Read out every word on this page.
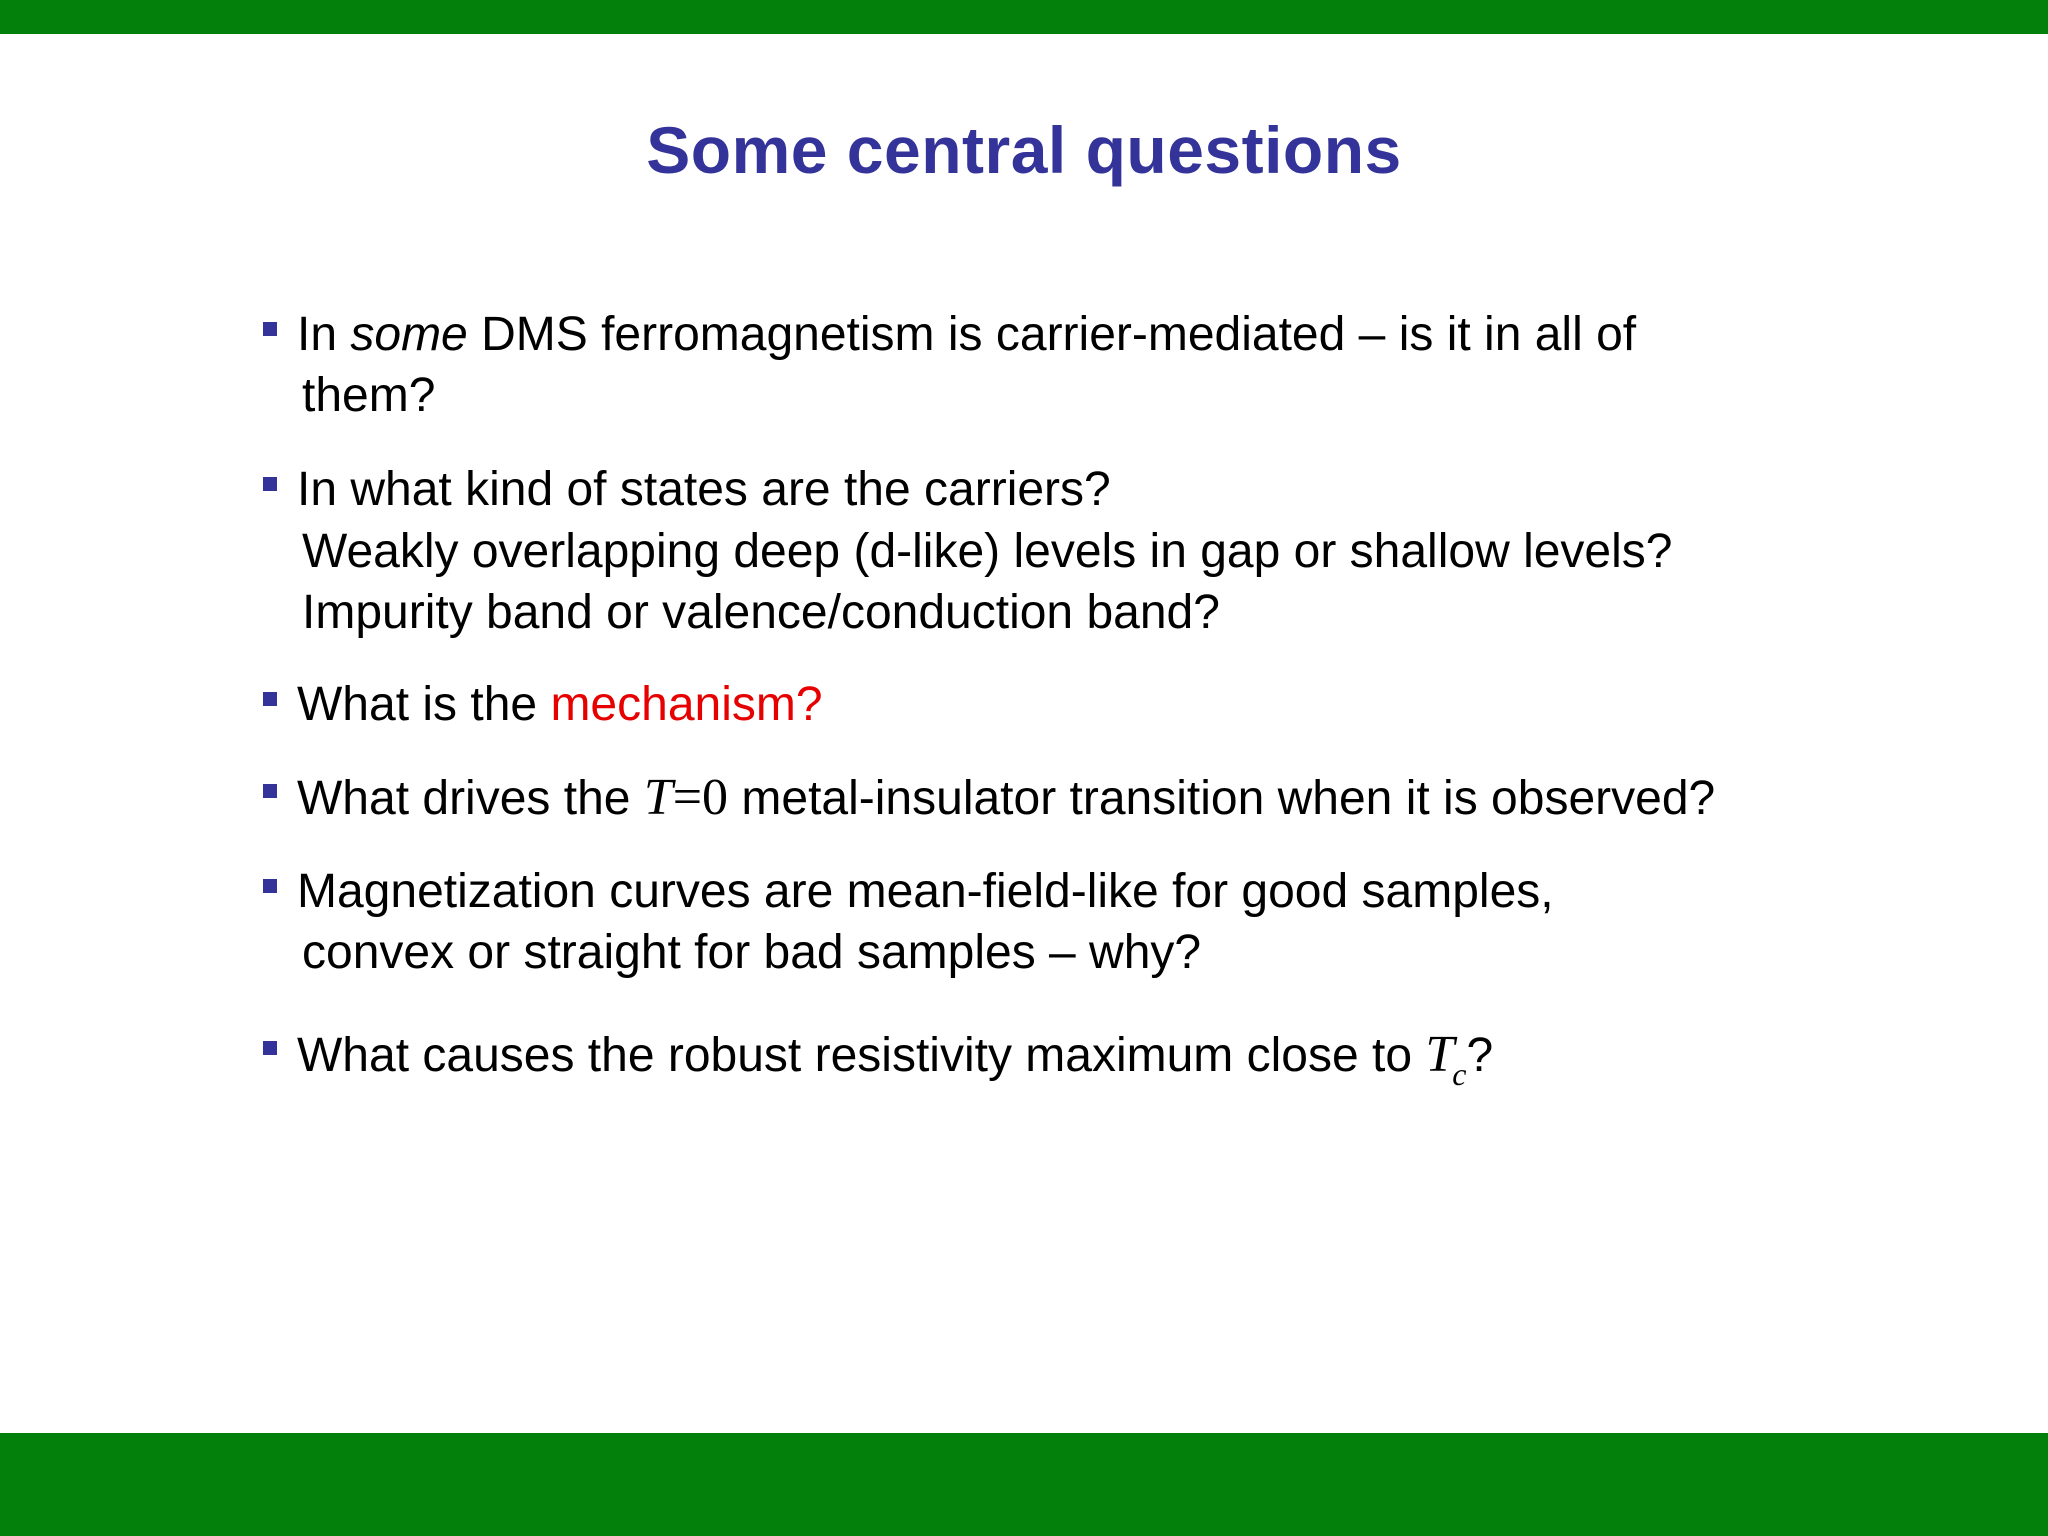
Some central questions
In some DMS ferromagnetism is carrier-mediated – is it in all of
them?
In what kind of states are the carriers?
Weakly overlapping deep (d-like) levels in gap or shallow levels?
Impurity band or valence/conduction band?
What is the mechanism?
What drives the T=0 metal-insulator transition when it is observed?
Magnetization curves are mean-field-like for good samples,
convex or straight for bad samples – why?
What causes the robust resistivity maximum close to $T_c$?
